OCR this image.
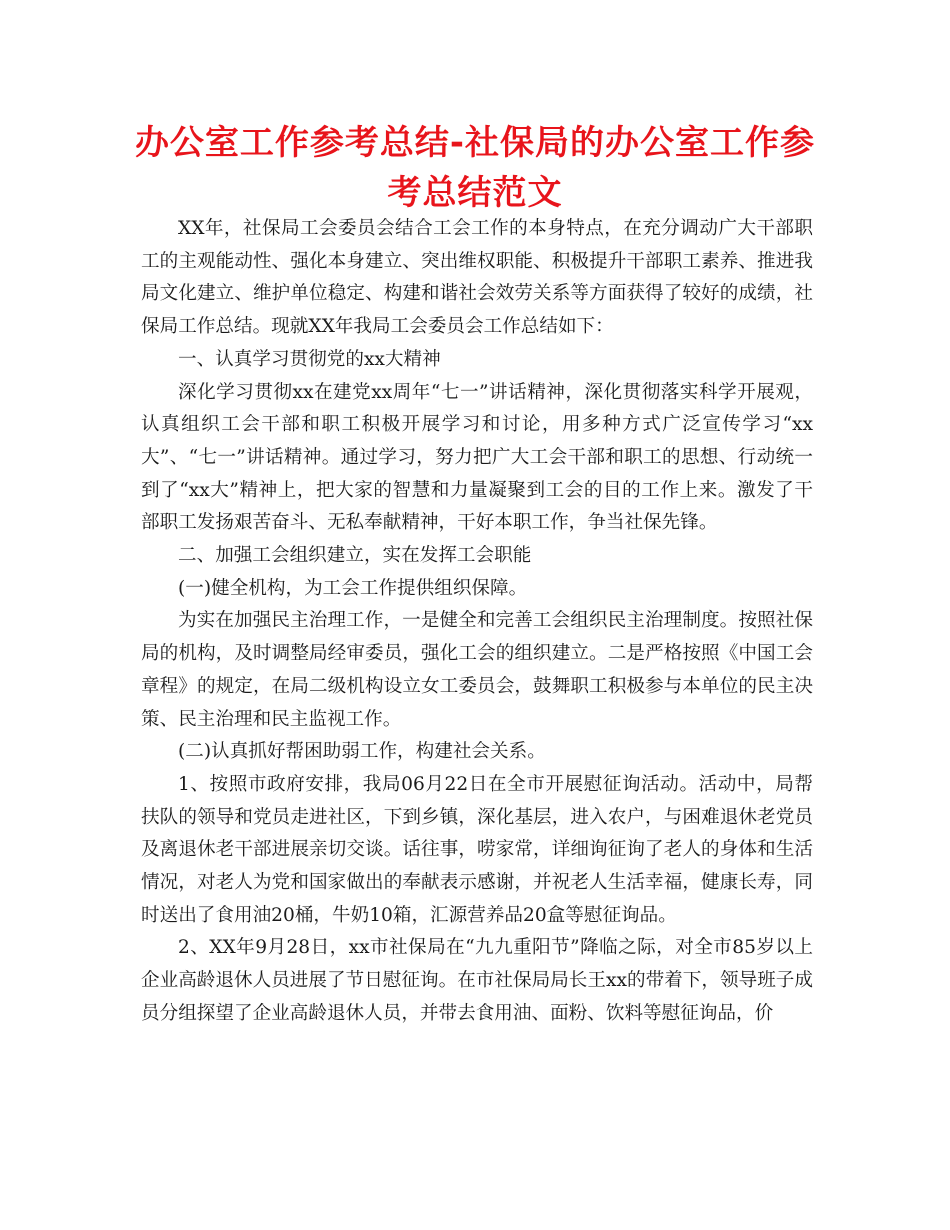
办公室工作参考总结-社保局的办公室工作参考总结范文

XX年，社保局工会委员会结合工会工作的本身特点，在充分调动广大干部职工的主观能动性、强化本身建立、突出维权职能、积极提升干部职工素养、推进我局文化建立、维护单位稳定、构建和谐社会效劳关系等方面获得了较好的成绩，社保局工作总结。现就XX年我局工会委员会工作总结如下：

一、认真学习贯彻党的xx大精神

深化学习贯彻xx在建党xx周年“七一”讲话精神，深化贯彻落实科学开展观，认真组织工会干部和职工积极开展学习和讨论，用多种方式广泛宣传学习“xx大”、“七一”讲话精神。通过学习，努力把广大工会干部和职工的思想、行动统一到了“xx大”精神上，把大家的智慧和力量凝聚到工会的目的工作上来。激发了干部职工发扬艰苦奋斗、无私奉献精神，干好本职工作，争当社保先锋。

二、加强工会组织建立，实在发挥工会职能

(一)健全机构，为工会工作提供组织保障。

为实在加强民主治理工作，一是健全和完善工会组织民主治理制度。按照社保局的机构，及时调整局经审委员，强化工会的组织建立。二是严格按照《中国工会章程》的规定，在局二级机构设立女工委员会，鼓舞职工积极参与本单位的民主决策、民主治理和民主监视工作。

(二)认真抓好帮困助弱工作，构建社会关系。

1、按照市政府安排，我局06月22日在全市开展慰征询活动。活动中，局帮扶队的领导和党员走进社区，下到乡镇，深化基层，进入农户，与困难退休老党员及离退休老干部进展亲切交谈。话往事，唠家常，详细询征询了老人的身体和生活情况，对老人为党和国家做出的奉献表示感谢，并祝老人生活幸福，健康长寿，同时送出了食用油20桶，牛奶10箱，汇源营养品20盒等慰征询品。

2、XX年9月28日，xx市社保局在“九九重阳节”降临之际，对全市85岁以上企业高龄退休人员进展了节日慰征询。在市社保局局长王xx的带着下，领导班子成员分组探望了企业高龄退休人员，并带去食用油、面粉、饮料等慰征询品，价
